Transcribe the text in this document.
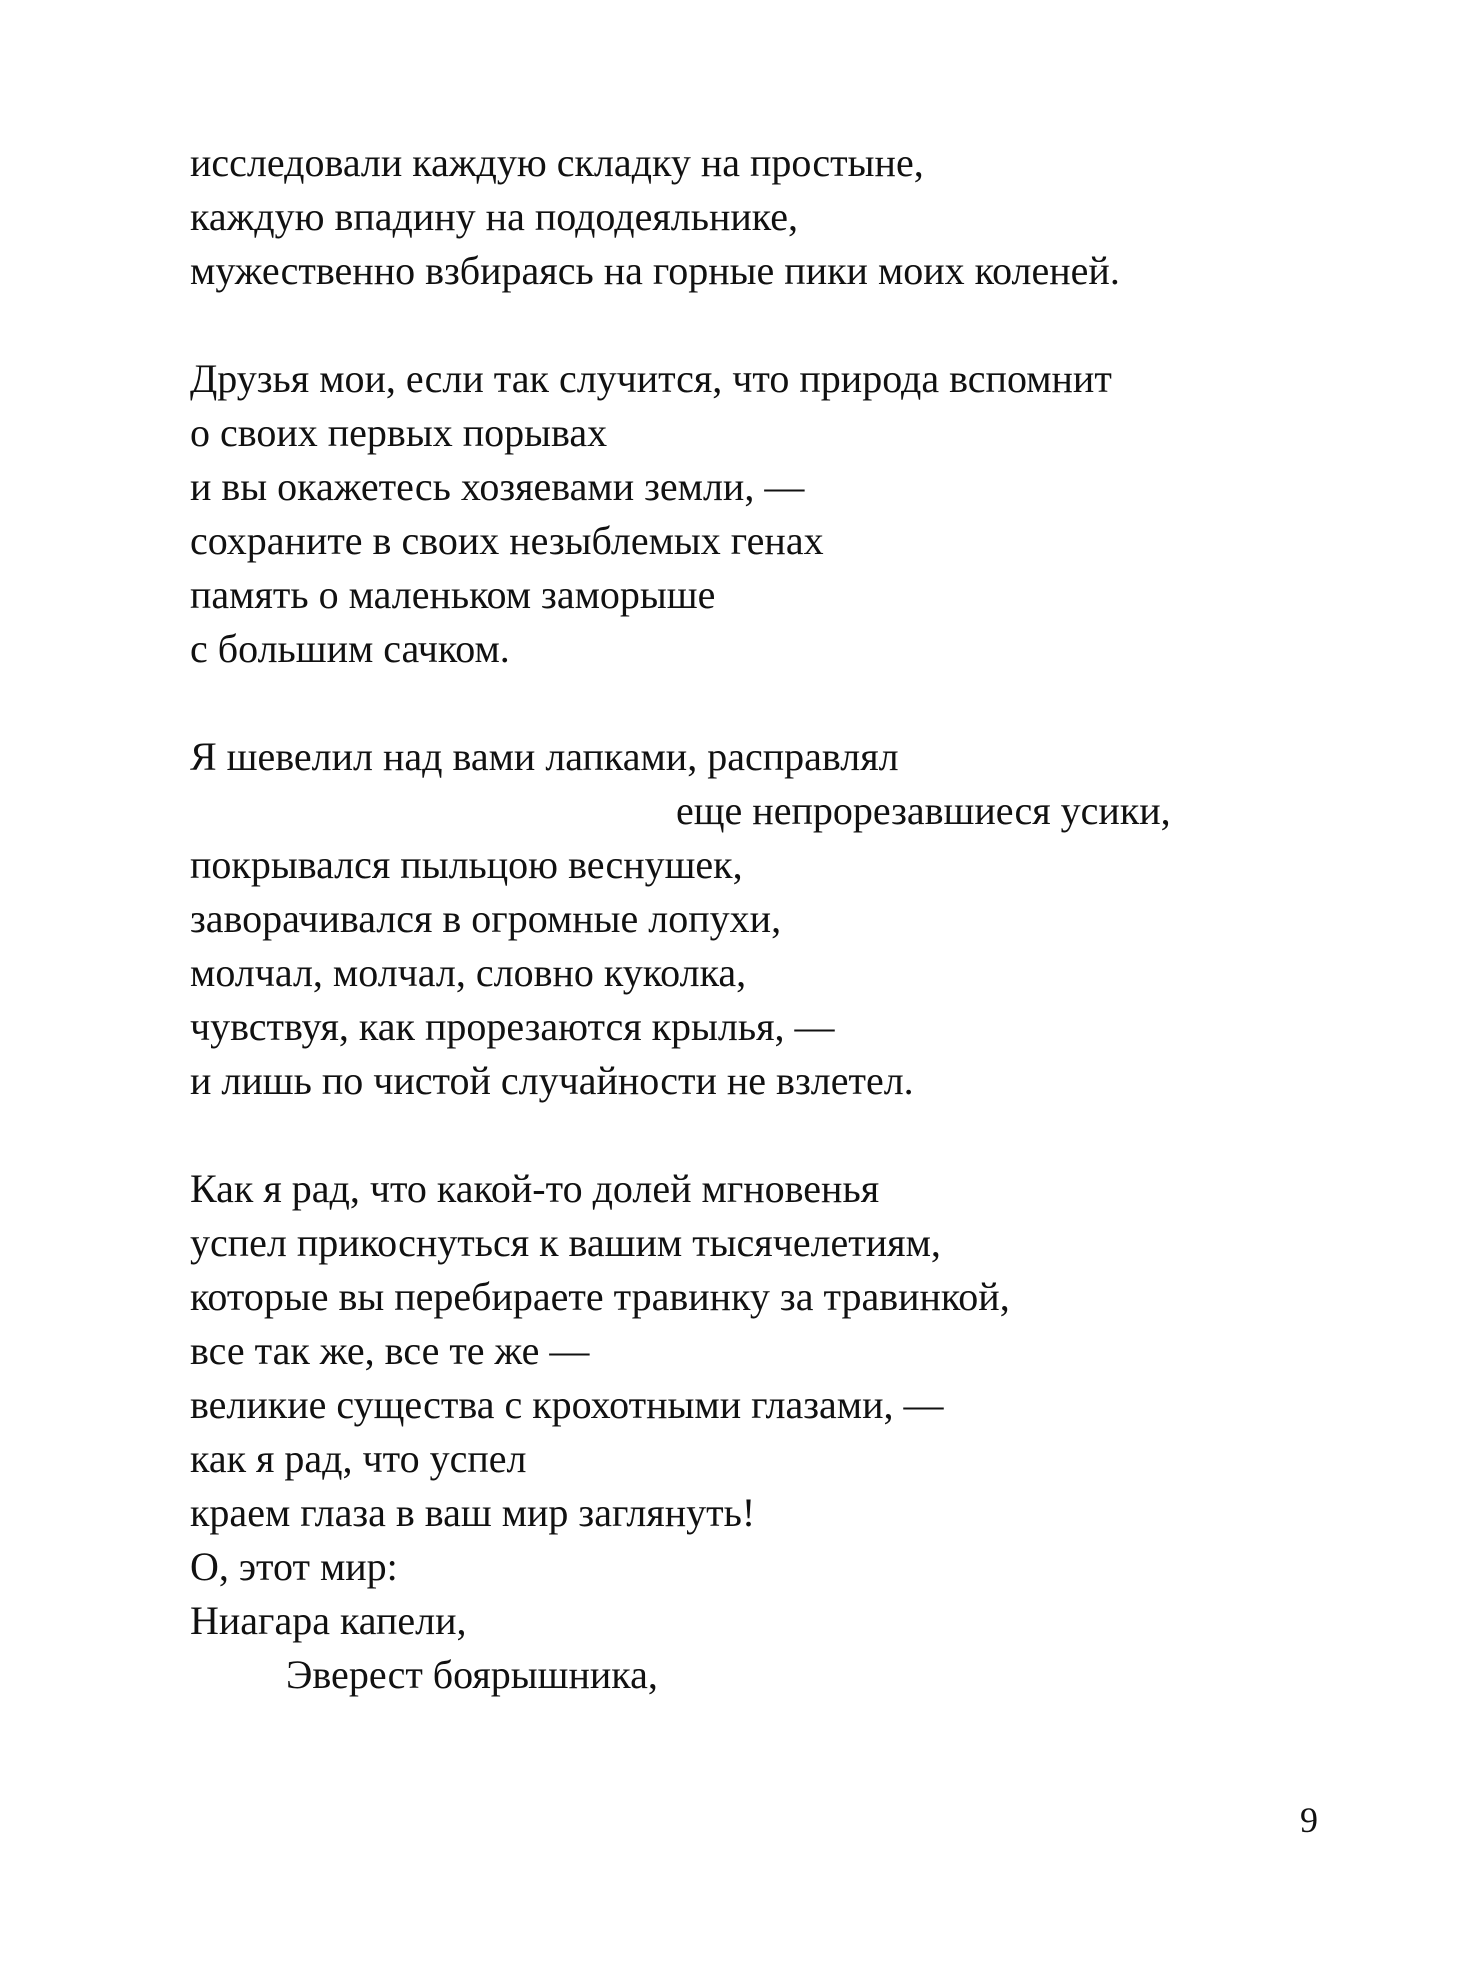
исследовали каждую складку на простыне,
каждую впадину на пододеяльнике,
мужественно взбираясь на горные пики моих коленей.
Друзья мои, если так случится, что природа вспомнит
о своих первых порывах
и вы окажетесь хозяевами земли, —
сохраните в своих незыблемых генах
память о маленьком заморыше
с большим сачком.
Я шевелил над вами лапками, расправлял
еще непрорезавшиеся усики,
покрывался пыльцою веснушек,
заворачивался в огромные лопухи,
молчал, молчал, словно куколка,
чувствуя, как прорезаются крылья, —
и лишь по чистой случайности не взлетел.
Как я рад, что какой-то долей мгновенья
успел прикоснуться к вашим тысячелетиям,
которые вы перебираете травинку за травинкой,
все так же, все те же —
великие существа с крохотными глазами, —
как я рад, что успел
краем глаза в ваш мир заглянуть!
О, этот мир:
Ниагара капели,
Эверест боярышника,
9
